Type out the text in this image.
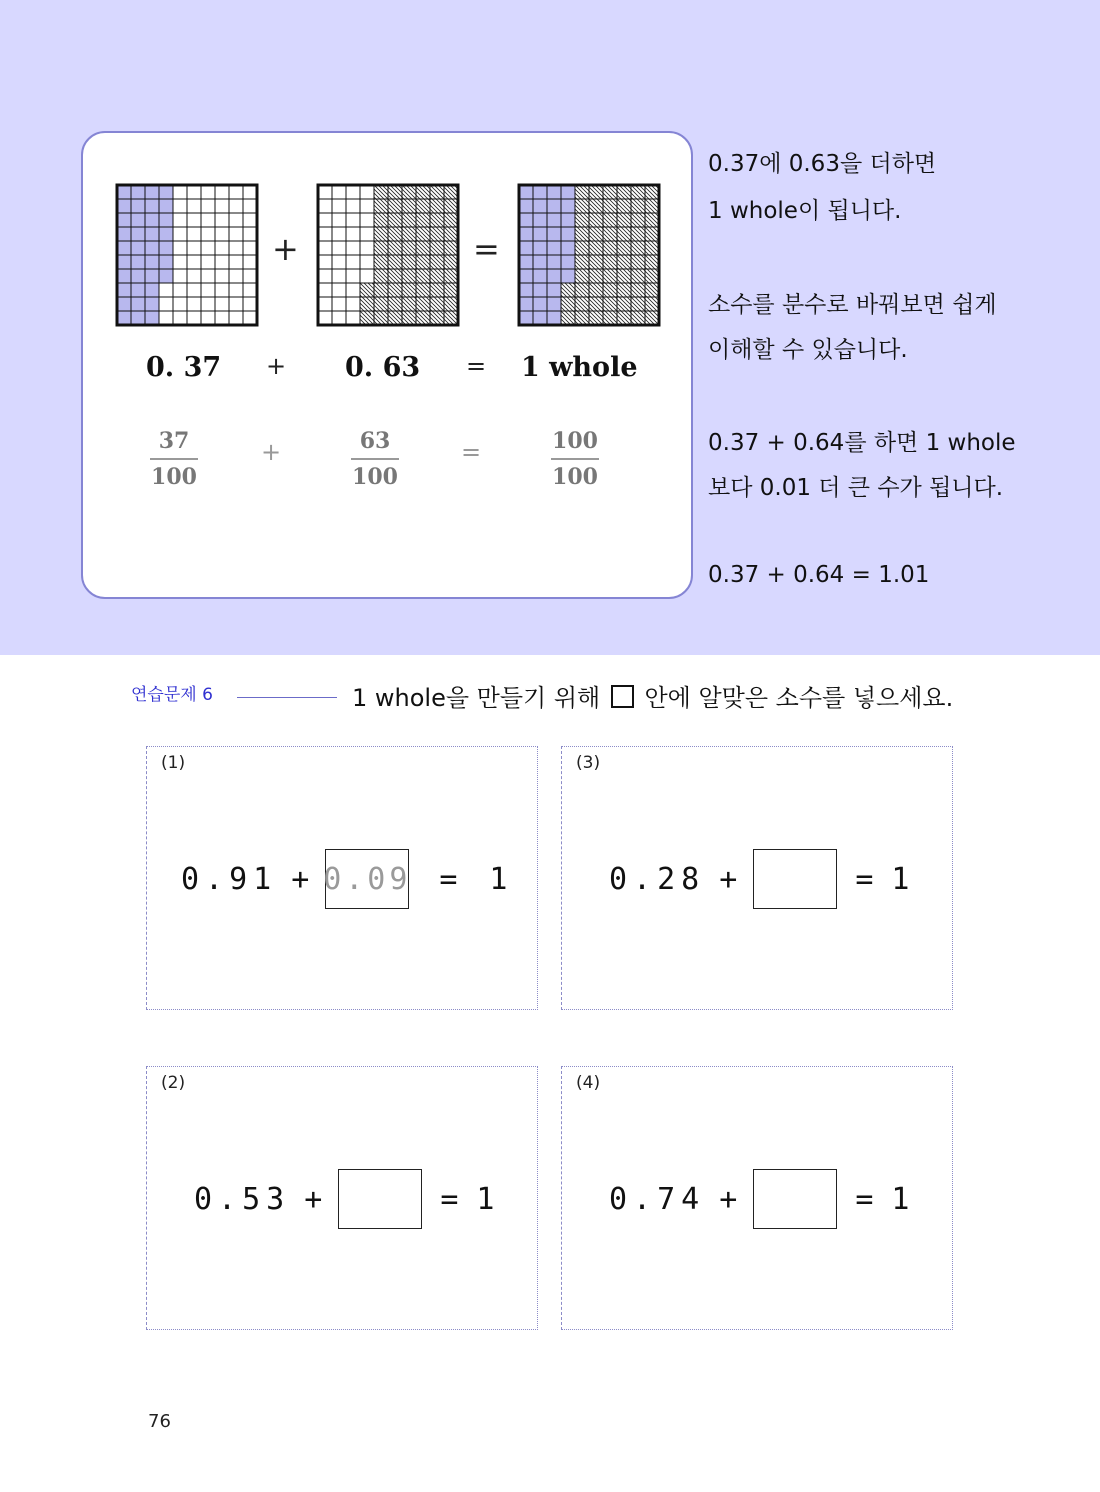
+	=
0. 37 + 0. 63 = 1 whole
37
100
+	63
100
=	100
100
0.37에 0.63을 더하면
1 whole이 됩니다.
소수를 분수로 바꿔보면 쉽게
이해할 수 있습니다.
0.37 + 0.64를 하면 1 whole
보다 0.01 더 큰 수가 됩니다.
0.37 + 0.64 = 1.01
연습문제 6	1 whole을 만들기 위해 안에 알맞은 소수를 넣으세요.
(1)
0.91 + 0.09 = 1
(3)
0.28 +	= 1
(2)
0.53 +	= 1
(4)
0.74 +	= 1
76
